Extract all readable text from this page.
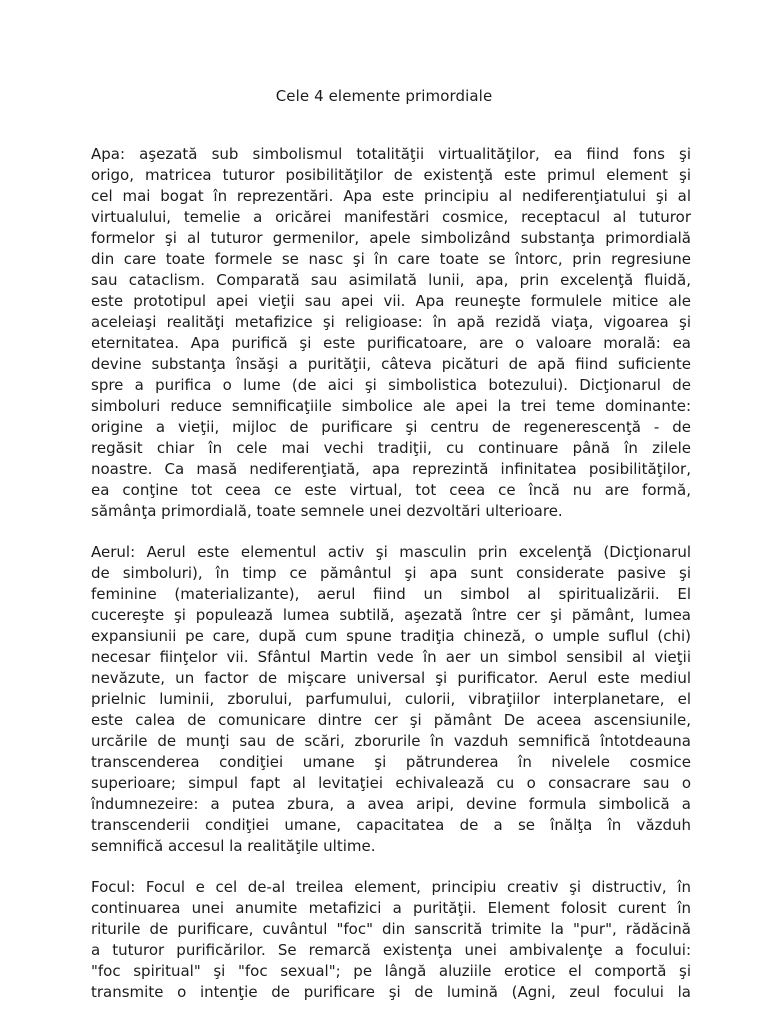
Cele 4 elemente primordiale
Apa: aşezată sub simbolismul totalităţii virtualităţilor, ea fiind fons şi
origo, matricea tuturor posibilităţilor de existenţă este primul element şi
cel mai bogat în reprezentări. Apa este principiu al nediferenţiatului şi al
virtualului, temelie a oricărei manifestări cosmice, receptacul al tuturor
formelor şi al tuturor germenilor, apele simbolizând substanţa primordială
din care toate formele se nasc şi în care toate se întorc, prin regresiune
sau cataclism. Comparată sau asimilată lunii, apa, prin excelenţă fluidă,
este prototipul apei vieţii sau apei vii. Apa reuneşte formulele mitice ale
aceleiaşi realităţi metafizice şi religioase: în apă rezidă viaţa, vigoarea şi
eternitatea. Apa purifică şi este purificatoare, are o valoare morală: ea
devine substanţa însăşi a purităţii, câteva picături de apă fiind suficiente
spre a purifica o lume (de aici şi simbolistica botezului). Dicţionarul de
simboluri reduce semnificaţiile simbolice ale apei la trei teme dominante:
origine a vieţii, mijloc de purificare şi centru de regenerescenţă - de
regăsit chiar în cele mai vechi tradiţii, cu continuare până în zilele
noastre. Ca masă nediferenţiată, apa reprezintă infinitatea posibilităţilor,
ea conţine tot ceea ce este virtual, tot ceea ce încă nu are formă,
sămânţa primordială, toate semnele unei dezvoltări ulterioare.
Aerul: Aerul este elementul activ şi masculin prin excelenţă (Dicţionarul
de simboluri), în timp ce pământul şi apa sunt considerate pasive şi
feminine (materializante), aerul fiind un simbol al spiritualizării. El
cucereşte şi populează lumea subtilă, aşezată între cer şi pământ, lumea
expansiunii pe care, după cum spune tradiţia chineză, o umple suflul (chi)
necesar fiinţelor vii. Sfântul Martin vede în aer un simbol sensibil al vieţii
nevăzute, un factor de mişcare universal şi purificator. Aerul este mediul
prielnic luminii, zborului, parfumului, culorii, vibraţiilor interplanetare, el
este calea de comunicare dintre cer şi pământ De aceea ascensiunile,
urcările de munţi sau de scări, zborurile în vazduh semnifică întotdeauna
transcenderea condiţiei umane şi pătrunderea în nivelele cosmice
superioare; simpul fapt al levitaţiei echivalează cu o consacrare sau o
îndumnezeire: a putea zbura, a avea aripi, devine formula simbolică a
transcenderii condiţiei umane, capacitatea de a se înălţa în văzduh
semnifică accesul la realităţile ultime.
Focul: Focul e cel de-al treilea element, principiu creativ şi distructiv, în
continuarea unei anumite metafizici a purităţii. Element folosit curent în
riturile de purificare, cuvântul "foc" din sanscrită trimite la "pur", rădăcină
a tuturor purificărilor. Se remarcă existenţa unei ambivalenţe a focului:
"foc spiritual" şi "foc sexual"; pe lângă aluziile erotice el comportă şi
transmite o intenţie de purificare şi de lumină (Agni, zeul focului la
